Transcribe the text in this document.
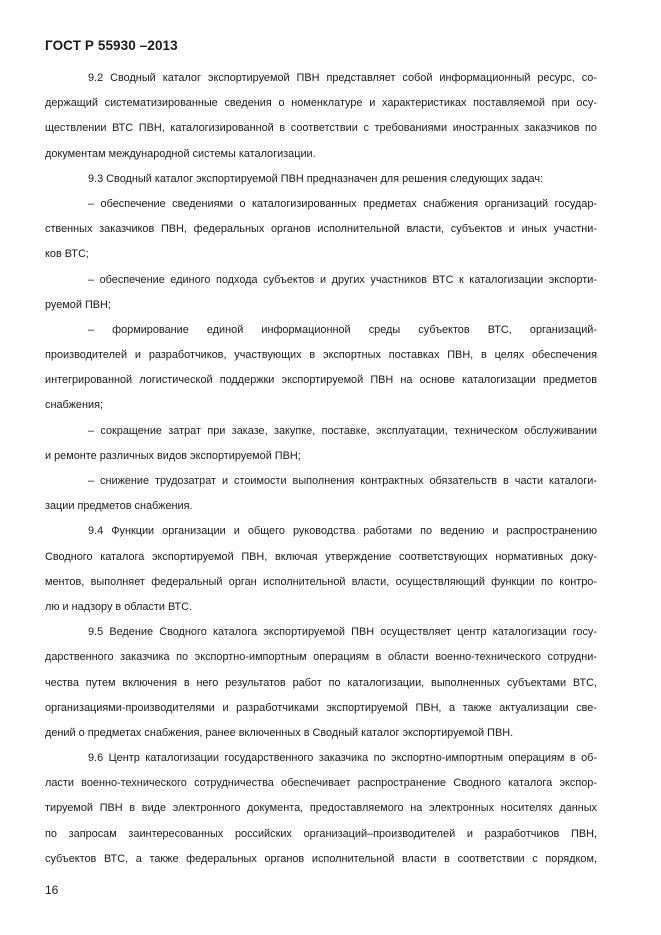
ГОСТ Р 55930 –2013
9.2 Сводный каталог экспортируемой ПВН представляет собой информационный ресурс, со-
держащий систематизированные сведения о номенклатуре и характеристиках поставляемой при осу-
ществлении ВТС ПВН, каталогизированной в соответствии с требованиями иностранных заказчиков по
документам международной системы каталогизации.
9.3 Сводный каталог экспортируемой ПВН предназначен для решения следующих задач:
– обеспечение сведениями о каталогизированных предметах снабжения организаций государ-
ственных заказчиков ПВН, федеральных органов исполнительной власти, субъектов и иных участни-
ков ВТС;
– обеспечение единого подхода субъектов и других участников ВТС к каталогизации экспорти-
руемой ПВН;
– формирование единой информационной среды субъектов ВТС, организаций-
производителей и разработчиков, участвующих в экспортных поставках ПВН, в целях обеспечения
интегрированной логистической поддержки экспортируемой ПВН на основе каталогизации предметов
снабжения;
– сокращение затрат при заказе, закупке, поставке, эксплуатации, техническом обслуживании
и ремонте различных видов экспортируемой ПВН;
– снижение трудозатрат и стоимости выполнения контрактных обязательств в части каталоги-
зации предметов снабжения.
9.4 Функции организации и общего руководства работами по ведению и распространению
Сводного каталога экспортируемой ПВН, включая утверждение соответствующих нормативных доку-
ментов, выполняет федеральный орган исполнительной власти, осуществляющий функции по контро-
лю и надзору в области ВТС.
9.5 Ведение Сводного каталога экспортируемой ПВН осуществляет центр каталогизации госу-
дарственного заказчика по экспортно-импортным операциям в области военно-технического сотрудни-
чества путем включения в него результатов работ по каталогизации, выполненных субъектами ВТС,
организациями-производителями и разработчиками экспортируемой ПВН, а также актуализации све-
дений о предметах снабжения, ранее включенных в Сводный каталог экспортируемой ПВН.
9.6 Центр каталогизации государственного заказчика по экспортно-импортным операциям в об-
ласти военно-технического сотрудничества обеспечивает распространение Сводного каталога экспор-
тируемой ПВН в виде электронного документа, предоставляемого на электронных носителях данных
по запросам заинтересованных российских организаций–производителей и разработчиков ПВН,
субъектов ВТС, а также федеральных органов исполнительной власти в соответствии с порядком,
16
